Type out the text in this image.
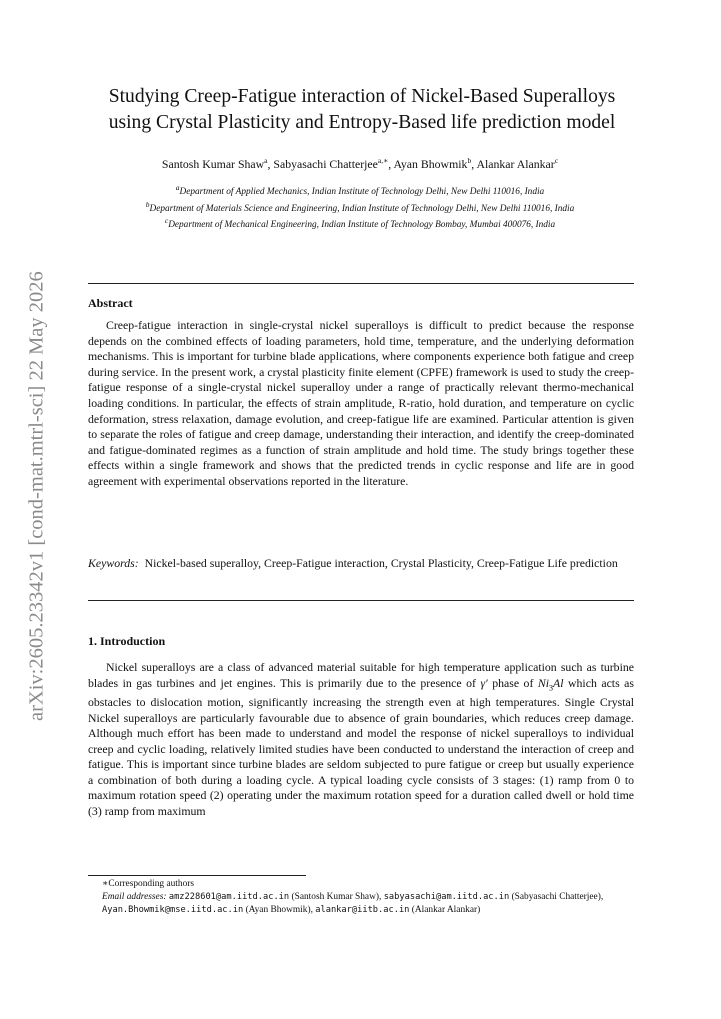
arXiv:2605.23342v1 [cond-mat.mtrl-sci] 22 May 2026
Studying Creep-Fatigue interaction of Nickel-Based Superalloys
using Crystal Plasticity and Entropy-Based life prediction model
Santosh Kumar Shaw$^a$, Sabyasachi Chatterjee$^{a,∗}$, Ayan Bhowmik$^b$, Alankar Alankar$^c$
$^a$Department of Applied Mechanics, Indian Institute of Technology Delhi, New Delhi 110016, India
$^b$Department of Materials Science and Engineering, Indian Institute of Technology Delhi, New Delhi 110016, India
$^c$Department of Mechanical Engineering, Indian Institute of Technology Bombay, Mumbai 400076, India
Abstract

Creep-fatigue interaction in single-crystal nickel superalloys is difficult to predict because the response depends on the combined effects of loading parameters, hold time, temperature, and the underlying deformation mechanisms. This is important for turbine blade applications, where components experience both fatigue and creep during service. In the present work, a crystal plasticity finite element (CPFE) framework is used to study the creep-fatigue response of a single-crystal nickel superalloy under a range of practically relevant thermo-mechanical loading conditions. In particular, the effects of strain amplitude, R-ratio, hold duration, and temperature on cyclic deformation, stress relaxation, damage evolution, and creep-fatigue life are examined. Particular attention is given to separate the roles of fatigue and creep damage, understanding their interaction, and identify the creep-dominated and fatigue-dominated regimes as a function of strain amplitude and hold time. The study brings together these effects within a single framework and shows that the predicted trends in cyclic response and life are in good agreement with experimental observations reported in the literature.

Keywords: Nickel-based superalloy, Creep-Fatigue interaction, Crystal Plasticity, Creep-Fatigue Life prediction
1. Introduction

Nickel superalloys are a class of advanced material suitable for high temperature application such as turbine blades in gas turbines and jet engines. This is primarily due to the presence of γ′ phase of $Ni_3Al$ which acts as obstacles to dislocation motion, significantly increasing the strength even at high temperatures. Single Crystal Nickel superalloys are particularly favourable due to absence of grain boundaries, which reduces creep damage. Although much effort has been made to understand and model the response of nickel superalloys to individual creep and cyclic loading, relatively limited studies have been conducted to understand the interaction of creep and fatigue. This is important since turbine blades are seldom subjected to pure fatigue or creep but usually experience a combination of both during a loading cycle. A typical loading cycle consists of 3 stages: (1) ramp from 0 to maximum rotation speed (2) operating under the maximum rotation speed for a duration called dwell or hold time (3) ramp from maximum

∗Corresponding authors
Email addresses: amz228601@am.iitd.ac.in (Santosh Kumar Shaw), sabyasachi@am.iitd.ac.in (Sabyasachi Chatterjee), Ayan.Bhowmik@mse.iitd.ac.in (Ayan Bhowmik), alankar@iitb.ac.in (Alankar Alankar)
